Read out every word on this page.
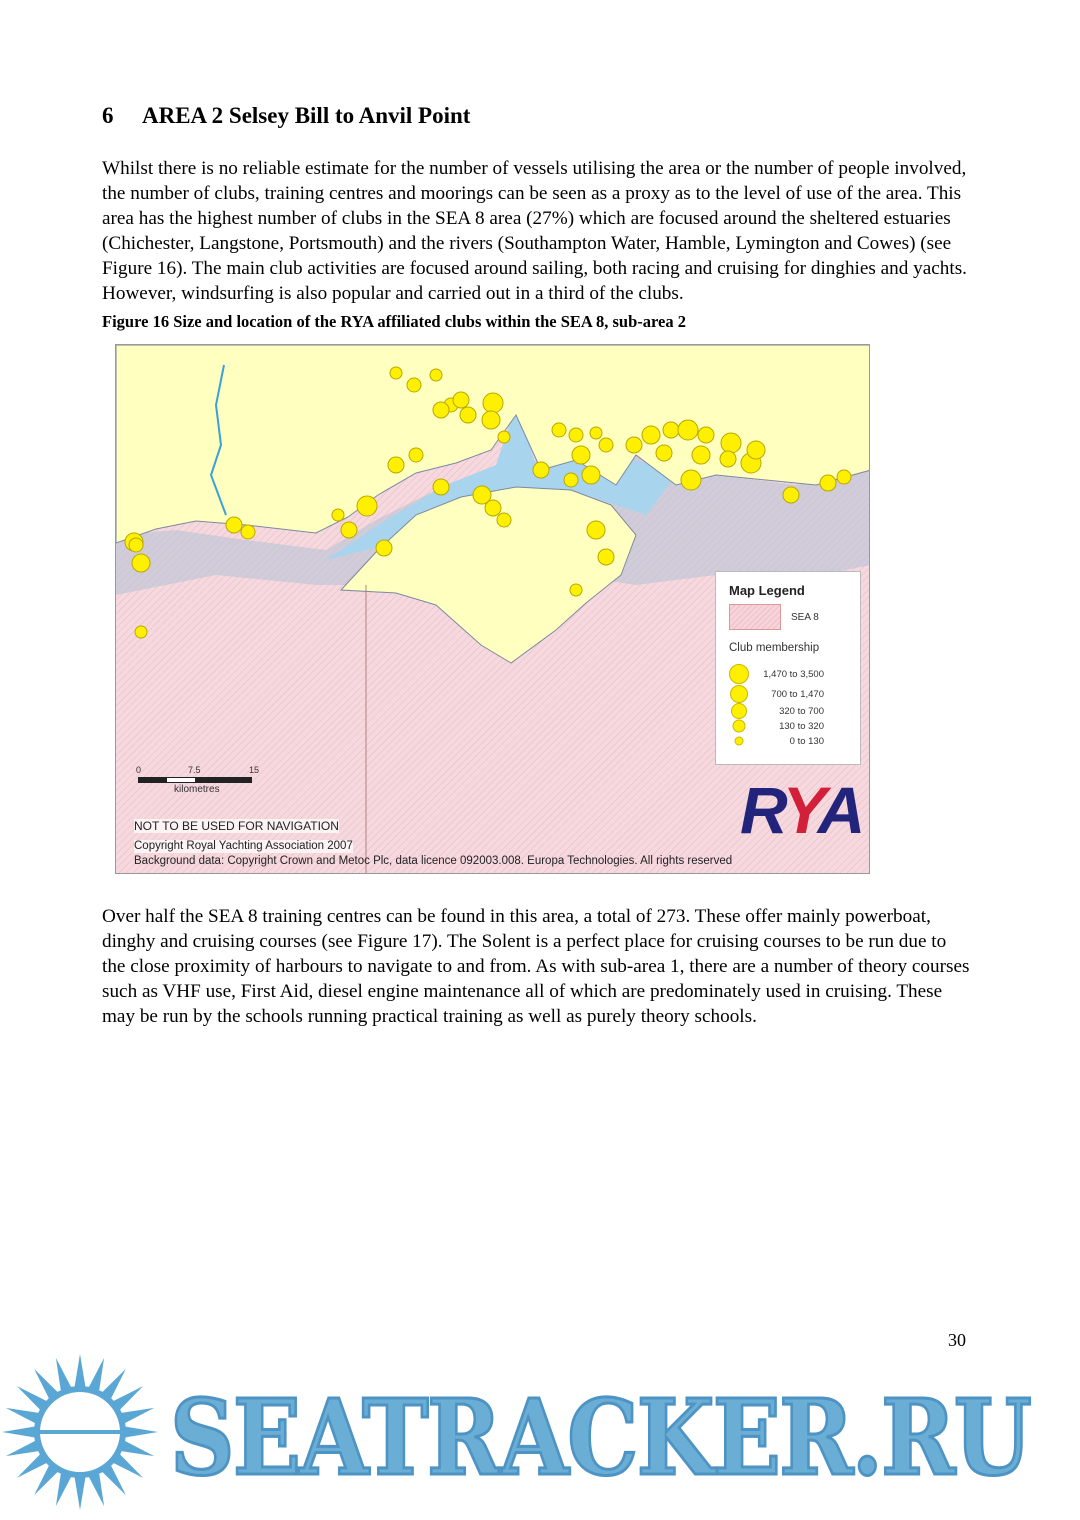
6 AREA 2 Selsey Bill to Anvil Point
Whilst there is no reliable estimate for the number of vessels utilising the area or the number of people involved, the number of clubs, training centres and moorings can be seen as a proxy as to the level of use of the area. This area has the highest number of clubs in the SEA 8 area (27%) which are focused around the sheltered estuaries (Chichester, Langstone, Portsmouth) and the rivers (Southampton Water, Hamble, Lymington and Cowes) (see Figure 16). The main club activities are focused around sailing, both racing and cruising for dinghies and yachts. However, windsurfing is also popular and carried out in a third of the clubs.
Figure 16 Size and location of the RYA affiliated clubs within the SEA 8, sub-area 2
Map Legend
SEA 8
Club membership
1,470 to 3,500
700 to 1,470
320 to 700
130 to 320
0 to 130
0	7.5	15
kilometres	RYA
NOT TO BE USED FOR NAVIGATION
Copyright Royal Yachting Association 2007
Background data: Copyright Crown and Metoc Plc, data licence 092003.008. Europa Technologies. All rights reserved
Over half the SEA 8 training centres can be found in this area, a total of 273. These offer mainly powerboat, dinghy and cruising courses (see Figure 17). The Solent is a perfect place for cruising courses to be run due to the close proximity of harbours to navigate to and from. As with sub-area 1, there are a number of theory courses such as VHF use, First Aid, diesel engine maintenance all of which are predominately used in cruising. These may be run by the schools running practical training as well as purely theory schools.
SEATRACKER.RU
30
